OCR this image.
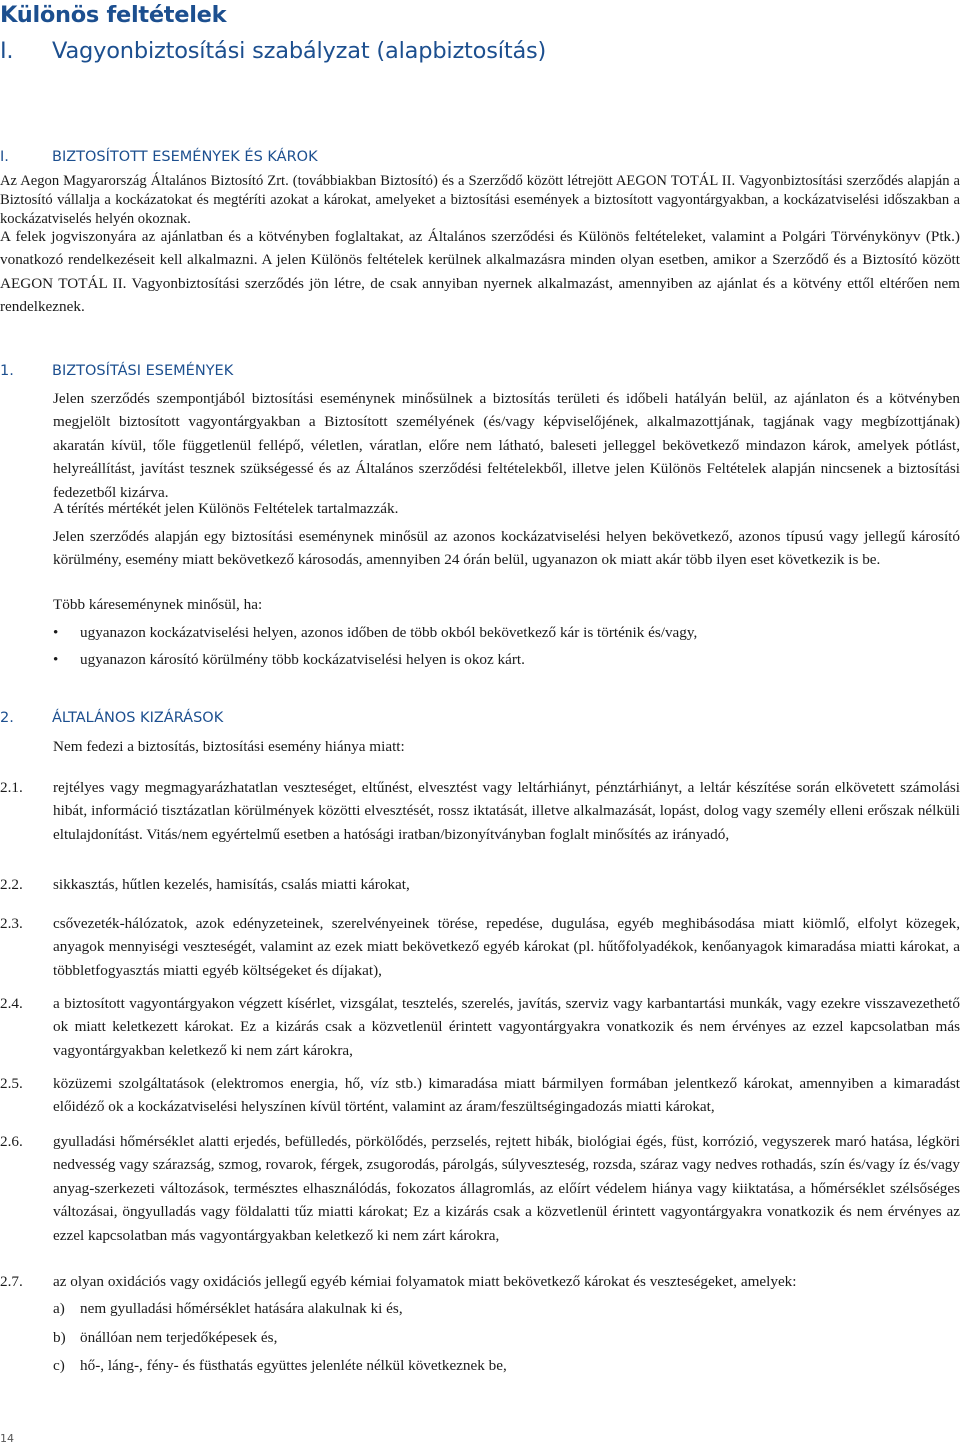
Különös feltételek
I. Vagyonbiztosítási szabályzat (alapbiztosítás)
I.	BIZTOSÍTOTT ESEMÉNYEK ÉS KÁROK
Az Aegon Magyarország Általános Biztosító Zrt. (továbbiakban Biztosító) és a Szerződő között létrejött AEGON TOTÁL II. Vagyonbiztosítási szerződés alapján a Biztosító vállalja a kockázatokat és megtéríti azokat a károkat, amelyeket a biztosítási események a biztosított vagyontárgyakban, a kockázatviselési időszakban a kockázatviselés helyén okoznak.
A felek jogviszonyára az ajánlatban és a kötvényben foglaltakat, az Általános szerződési és Különös feltételeket, valamint a Polgári Törvénykönyv (Ptk.) vonatkozó rendelkezéseit kell alkalmazni. A jelen Különös feltételek kerülnek alkalmazásra minden olyan esetben, amikor a Szerződő és a Biztosító között AEGON TOTÁL II. Vagyonbiztosítási szerződés jön létre, de csak annyiban nyernek alkalmazást, amennyiben az ajánlat és a kötvény ettől eltérően nem rendelkeznek.
1.	BIZTOSÍTÁSI ESEMÉNYEK
Jelen szerződés szempontjából biztosítási eseménynek minősülnek a biztosítás területi és időbeli hatályán belül, az ajánlaton és a kötvényben megjelölt biztosított vagyontárgyakban a Biztosított személyének (és/vagy képviselőjének, alkalmazottjának, tagjának vagy megbízottjának) akaratán kívül, tőle függetlenül fellépő, véletlen, váratlan, előre nem látható, baleseti jelleggel bekövetkező mindazon károk, amelyek pótlást, helyreállítást, javítást tesznek szükségessé és az Általános szerződési feltételekből, illetve jelen Különös Feltételek alapján nincsenek a biztosítási fedezetből kizárva.
A térítés mértékét jelen Különös Feltételek tartalmazzák.
Jelen szerződés alapján egy biztosítási eseménynek minősül az azonos kockázatviselési helyen bekövetkező, azonos típusú vagy jellegű károsító körülmény, esemény miatt bekövetkező károsodás, amennyiben 24 órán belül, ugyanazon ok miatt akár több ilyen eset következik is be.
Több káreseménynek minősül, ha:
• ugyanazon kockázatviselési helyen, azonos időben de több okból bekövetkező kár is történik és/vagy,
• ugyanazon károsító körülmény több kockázatviselési helyen is okoz kárt.
2.	ÁLTALÁNOS KIZÁRÁSOK
Nem fedezi a biztosítás, biztosítási esemény hiánya miatt:
2.1. rejtélyes vagy megmagyarázhatatlan veszteséget, eltűnést, elvesztést vagy leltárhiányt, pénztárhiányt, a leltár készítése során elkövetett számolási hibát, információ tisztázatlan körülmények közötti elvesztését, rossz iktatását, illetve alkalmazását, lopást, dolog vagy személy elleni erőszak nélküli eltulajdonítást. Vitás/nem egyértelmű esetben a hatósági iratban/bizonyítványban foglalt minősítés az irányadó,
2.2. sikkasztás, hűtlen kezelés, hamisítás, csalás miatti károkat,
2.3. csővezeték-hálózatok, azok edényzeteinek, szerelvényeinek törése, repedése, dugulása, egyéb meghibásodása miatt kiömlő, elfolyt közegek, anyagok mennyiségi veszteségét, valamint az ezek miatt bekövetkező egyéb károkat (pl. hűtőfolyadékok, kenőanyagok kimaradása miatti károkat, a többletfogyasztás miatti egyéb költségeket és díjakat),
2.4. a biztosított vagyontárgyakon végzett kísérlet, vizsgálat, tesztelés, szerelés, javítás, szerviz vagy karbantartási munkák, vagy ezekre visszavezethető ok miatt keletkezett károkat. Ez a kizárás csak a közvetlenül érintett vagyontárgyakra vonatkozik és nem érvényes az ezzel kapcsolatban más vagyontárgyakban keletkező ki nem zárt károkra,
2.5. közüzemi szolgáltatások (elektromos energia, hő, víz stb.) kimaradása miatt bármilyen formában jelentkező károkat, amennyiben a kimaradást előidéző ok a kockázatviselési helyszínen kívül történt, valamint az áram/feszültségingadozás miatti károkat,
2.6. gyulladási hőmérséklet alatti erjedés, befülledés, pörkölődés, perzselés, rejtett hibák, biológiai égés, füst, korrózió, vegyszerek maró hatása, légköri nedvesség vagy szárazság, szmog, rovarok, férgek, zsugorodás, párolgás, súlyveszteség, rozsda, száraz vagy nedves rothadás, szín és/vagy íz és/vagy anyag-szerkezeti változások, természtes elhasználódás, fokozatos állagromlás, az előírt védelem hiánya vagy kiiktatása, a hőmérséklet szélsőséges változásai, öngyulladás vagy földalatti tűz miatti károkat; Ez a kizárás csak a közvetlenül érintett vagyontárgyakra vonatkozik és nem érvényes az ezzel kapcsolatban más vagyontárgyakban keletkező ki nem zárt károkra,
2.7. az olyan oxidációs vagy oxidációs jellegű egyéb kémiai folyamatok miatt bekövetkező károkat és veszteségeket, amelyek:
a) nem gyulladási hőmérséklet hatására alakulnak ki és,
b) önállóan nem terjedőképesek és,
c) hő-, láng-, fény- és füsthatás együttes jelenléte nélkül következnek be,
14
